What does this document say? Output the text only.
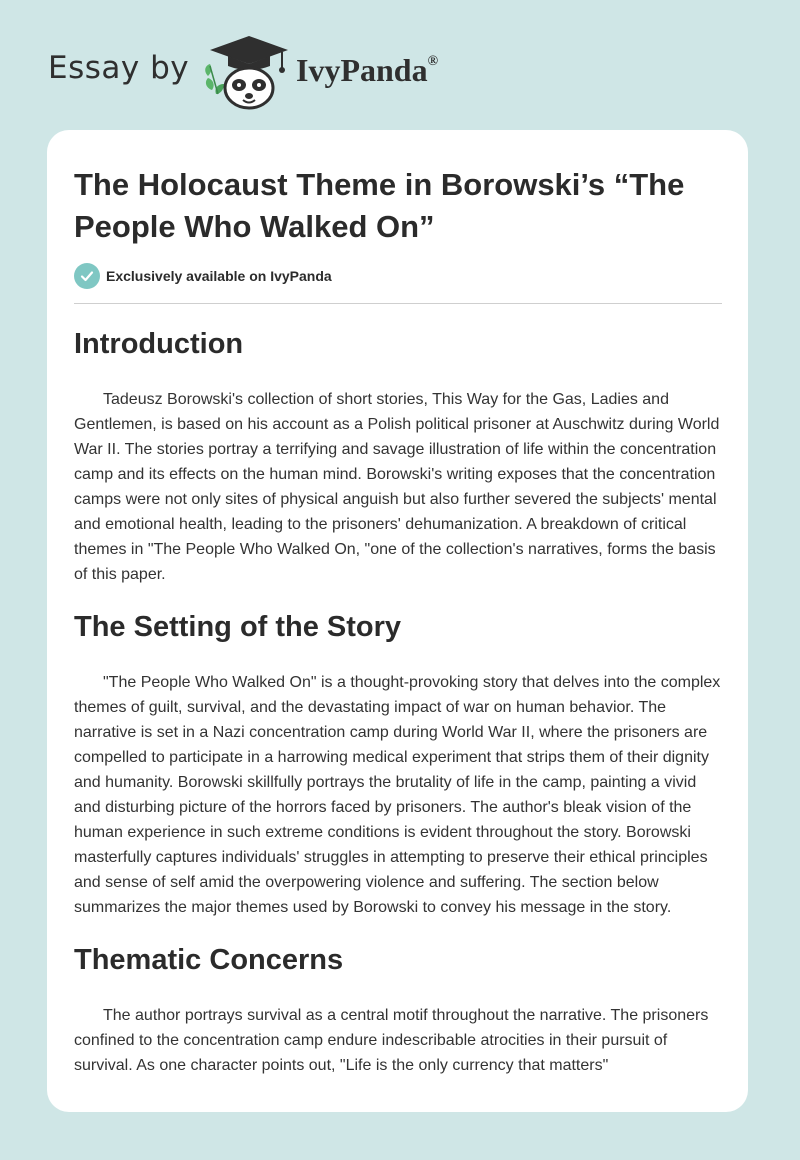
Essay by	IvyPanda®
The Holocaust Theme in Borowski’s “The People Who Walked On”
Exclusively available on IvyPanda
Introduction

Tadeusz Borowski's collection of short stories, This Way for the Gas, Ladies and Gentlemen, is based on his account as a Polish political prisoner at Auschwitz during World War II. The stories portray a terrifying and savage illustration of life within the concentration camp and its effects on the human mind. Borowski's writing exposes that the concentration camps were not only sites of physical anguish but also further severed the subjects' mental and emotional health, leading to the prisoners' dehumanization. A breakdown of critical themes in "The People Who Walked On, "one of the collection's narratives, forms the basis of this paper.

The Setting of the Story

"The People Who Walked On" is a thought-provoking story that delves into the complex themes of guilt, survival, and the devastating impact of war on human behavior. The narrative is set in a Nazi concentration camp during World War II, where the prisoners are compelled to participate in a harrowing medical experiment that strips them of their dignity and humanity. Borowski skillfully portrays the brutality of life in the camp, painting a vivid and disturbing picture of the horrors faced by prisoners. The author's bleak vision of the human experience in such extreme conditions is evident throughout the story. Borowski masterfully captures individuals' struggles in attempting to preserve their ethical principles and sense of self amid the overpowering violence and suffering. The section below summarizes the major themes used by Borowski to convey his message in the story.

Thematic Concerns

The author portrays survival as a central motif throughout the narrative. The prisoners confined to the concentration camp endure indescribable atrocities in their pursuit of survival. As one character points out, "Life is the only currency that matters"
